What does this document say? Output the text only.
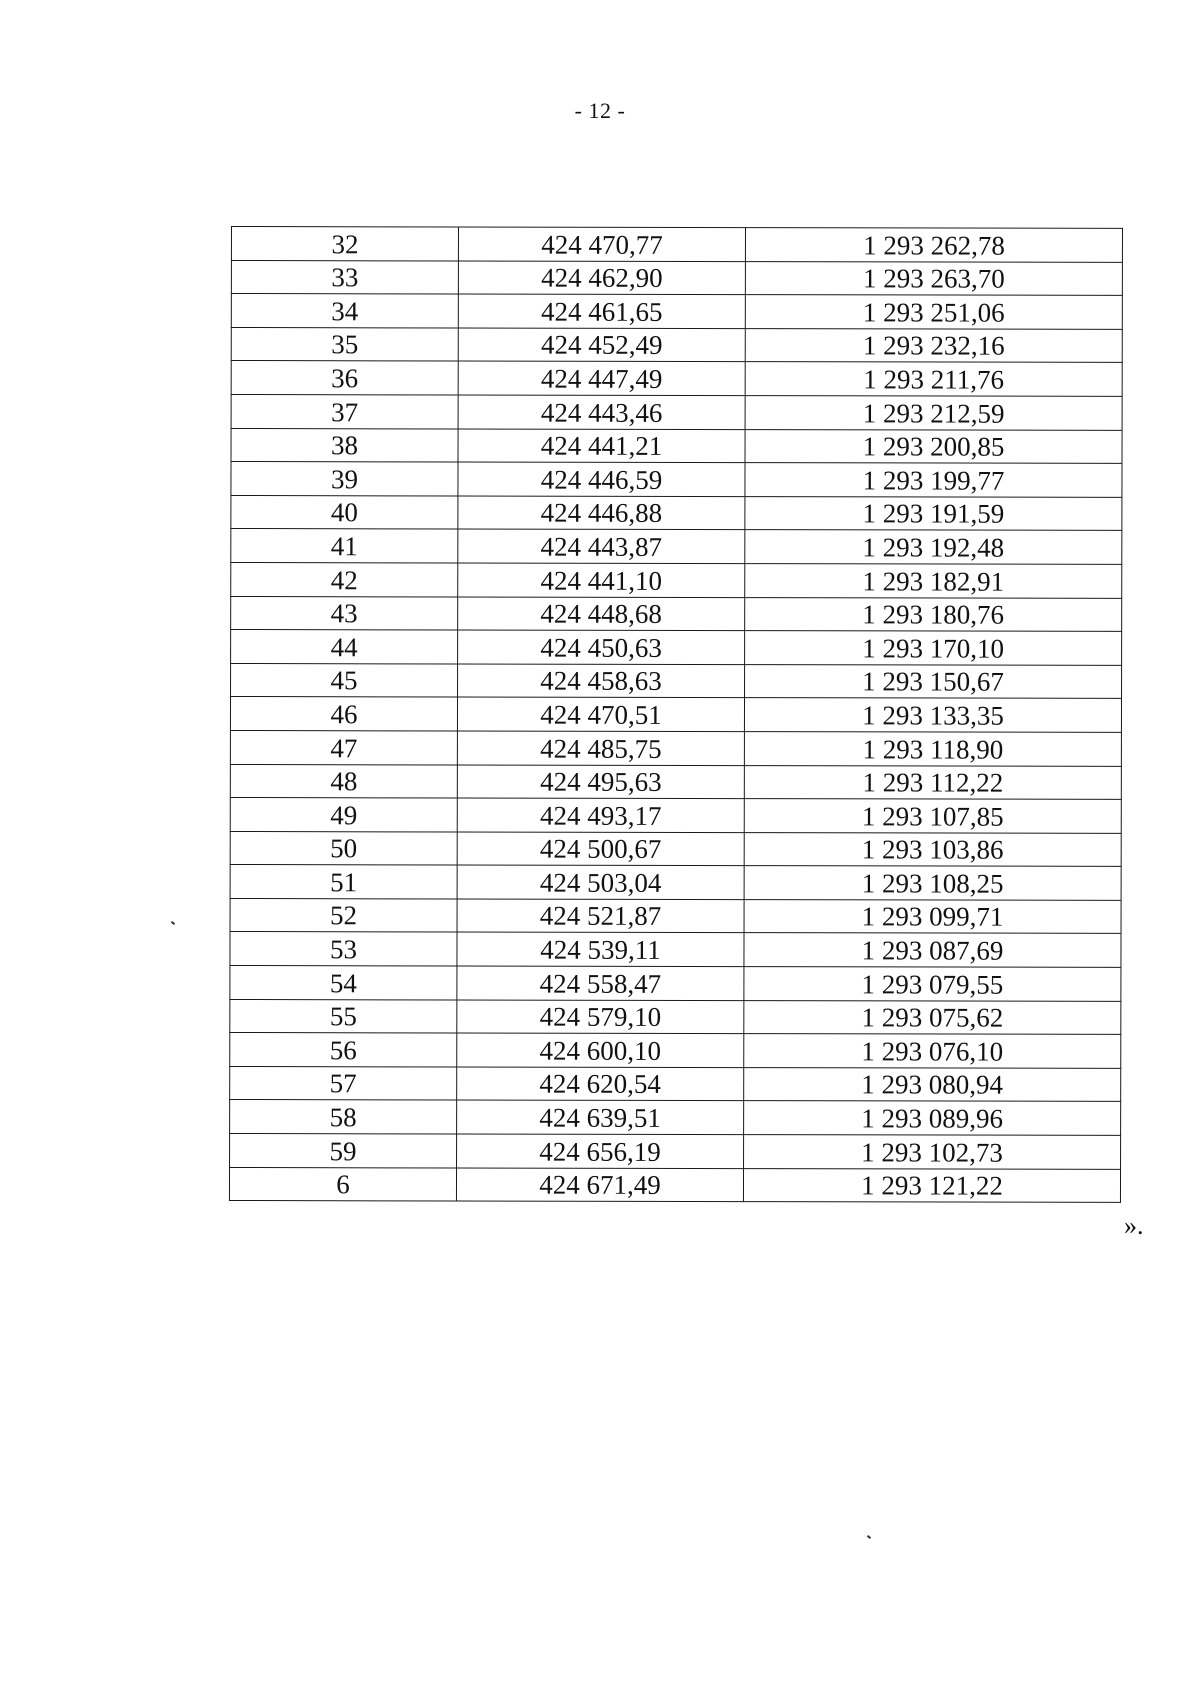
- 12 -
32	424 470,77	1 293 262,78
33	424 462,90	1 293 263,70
34	424 461,65	1 293 251,06
35	424 452,49	1 293 232,16
36	424 447,49	1 293 211,76
37	424 443,46	1 293 212,59
38	424 441,21	1 293 200,85
39	424 446,59	1 293 199,77
40	424 446,88	1 293 191,59
41	424 443,87	1 293 192,48
42	424 441,10	1 293 182,91
43	424 448,68	1 293 180,76
44	424 450,63	1 293 170,10
45	424 458,63	1 293 150,67
46	424 470,51	1 293 133,35
47	424 485,75	1 293 118,90
48	424 495,63	1 293 112,22
49	424 493,17	1 293 107,85
50	424 500,67	1 293 103,86
51	424 503,04	1 293 108,25
52	424 521,87	1 293 099,71
53	424 539,11	1 293 087,69
54	424 558,47	1 293 079,55
55	424 579,10	1 293 075,62
56	424 600,10	1 293 076,10
57	424 620,54	1 293 080,94
58	424 639,51	1 293 089,96
59	424 656,19	1 293 102,73
6	424 671,49	1 293 121,22
».
